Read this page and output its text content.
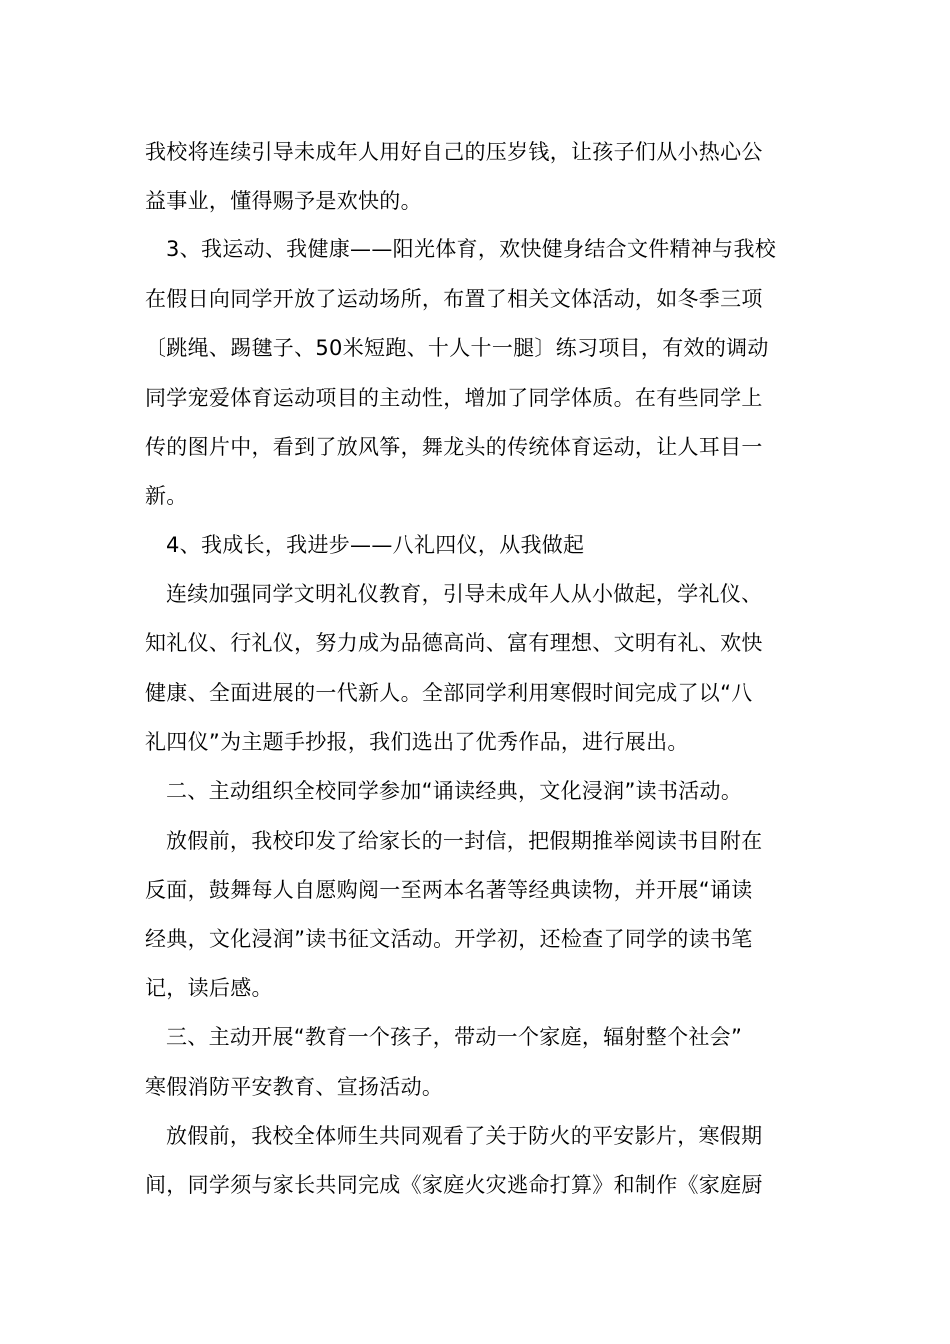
我校将连续引导未成年人用好自己的压岁钱，让孩子们从小热心公
益事业，懂得赐予是欢快的。
3、我运动、我健康——阳光体育，欢快健身结合文件精神与我校
在假日向同学开放了运动场所，布置了相关文体活动，如冬季三项
〔跳绳、踢毽子、50米短跑、十人十一腿〕练习项目，有效的调动
同学宠爱体育运动项目的主动性，增加了同学体质。在有些同学上
传的图片中，看到了放风筝，舞龙头的传统体育运动，让人耳目一
新。
4、我成长，我进步——八礼四仪，从我做起
连续加强同学文明礼仪教育，引导未成年人从小做起，学礼仪、
知礼仪、行礼仪，努力成为品德高尚、富有理想、文明有礼、欢快
健康、全面进展的一代新人。全部同学利用寒假时间完成了以“八
礼四仪”为主题手抄报，我们选出了优秀作品，进行展出。
二、主动组织全校同学参加“诵读经典，文化浸润”读书活动。
放假前，我校印发了给家长的一封信，把假期推举阅读书目附在
反面，鼓舞每人自愿购阅一至两本名著等经典读物，并开展“诵读
经典，文化浸润”读书征文活动。开学初，还检查了同学的读书笔
记，读后感。
三、主动开展“教育一个孩子，带动一个家庭，辐射整个社会”
寒假消防平安教育、宣扬活动。
放假前，我校全体师生共同观看了关于防火的平安影片，寒假期
间，同学须与家长共同完成《家庭火灾逃命打算》和制作《家庭厨
